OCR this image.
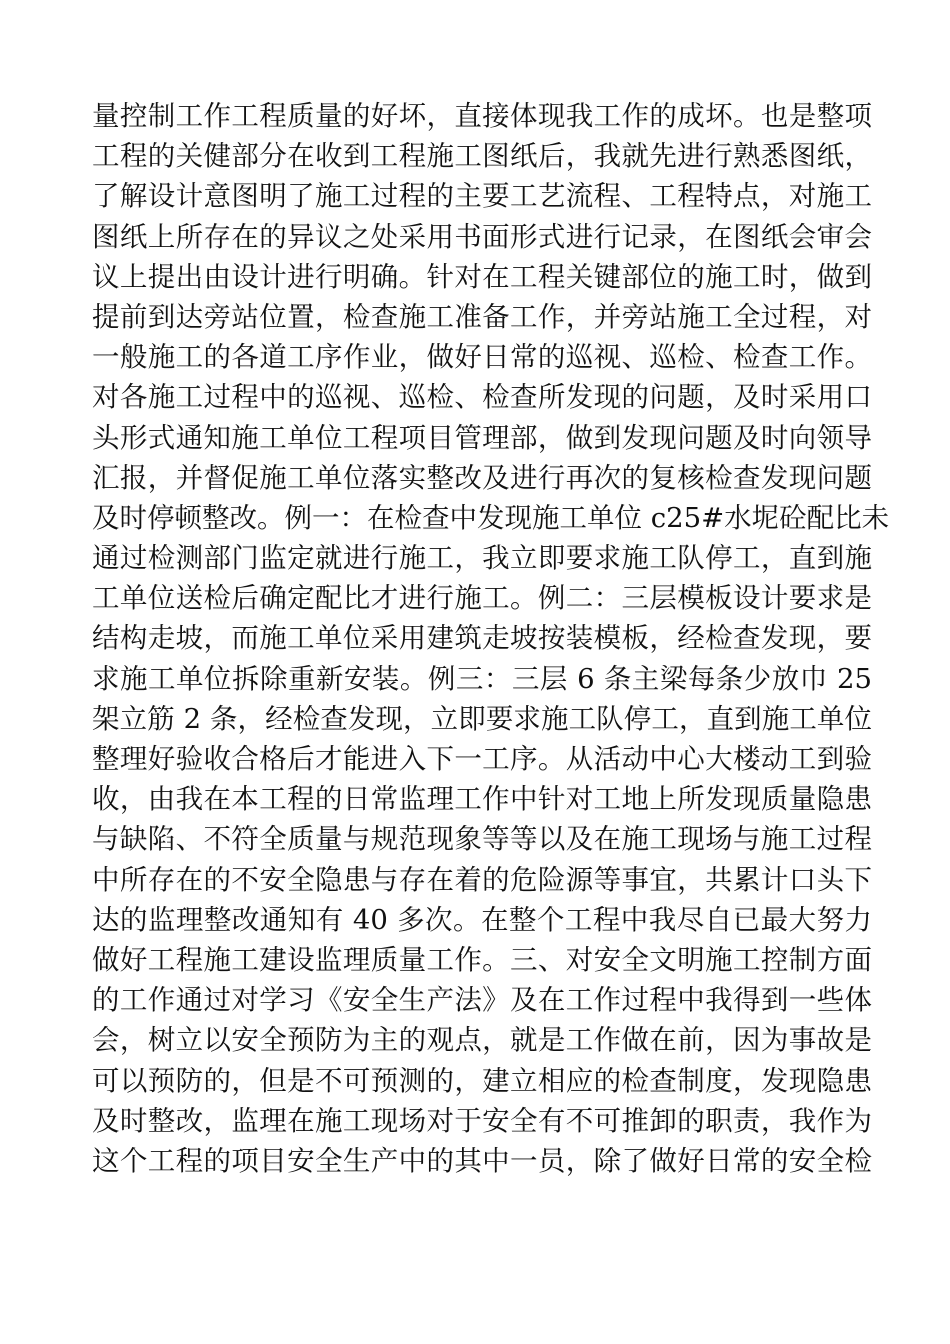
量控制工作工程质量的好坏，直接体现我工作的成坏。也是整项
工程的关健部分在收到工程施工图纸后，我就先进行熟悉图纸，
了解设计意图明了施工过程的主要工艺流程、工程特点，对施工
图纸上所存在的异议之处采用书面形式进行记录，在图纸会审会
议上提出由设计进行明确。针对在工程关键部位的施工时，做到
提前到达旁站位置，检查施工准备工作，并旁站施工全过程，对
一般施工的各道工序作业，做好日常的巡视、巡检、检查工作。
对各施工过程中的巡视、巡检、检查所发现的问题，及时采用口
头形式通知施工单位工程项目管理部，做到发现问题及时向领导
汇报，并督促施工单位落实整改及进行再次的复核检查发现问题
及时停顿整改。例一：在检查中发现施工单位 c25#水坭砼配比未
通过检测部门监定就进行施工，我立即要求施工队停工，直到施
工单位送检后确定配比才进行施工。例二：三层模板设计要求是
结构走坡，而施工单位采用建筑走坡按装模板，经检查发现，要
求施工单位拆除重新安装。例三：三层 6 条主梁每条少放巾 25
架立筋 2 条，经检查发现，立即要求施工队停工，直到施工单位
整理好验收合格后才能进入下一工序。从活动中心大楼动工到验
收，由我在本工程的日常监理工作中针对工地上所发现质量隐患
与缺陷、不符全质量与规范现象等等以及在施工现场与施工过程
中所存在的不安全隐患与存在着的危险源等事宜，共累计口头下
达的监理整改通知有 40 多次。在整个工程中我尽自已最大努力
做好工程施工建设监理质量工作。三、对安全文明施工控制方面
的工作通过对学习《安全生产法》及在工作过程中我得到一些体
会，树立以安全预防为主的观点，就是工作做在前，因为事故是
可以预防的，但是不可预测的，建立相应的检查制度，发现隐患
及时整改，监理在施工现场对于安全有不可推卸的职责，我作为
这个工程的项目安全生产中的其中一员，除了做好日常的安全检
